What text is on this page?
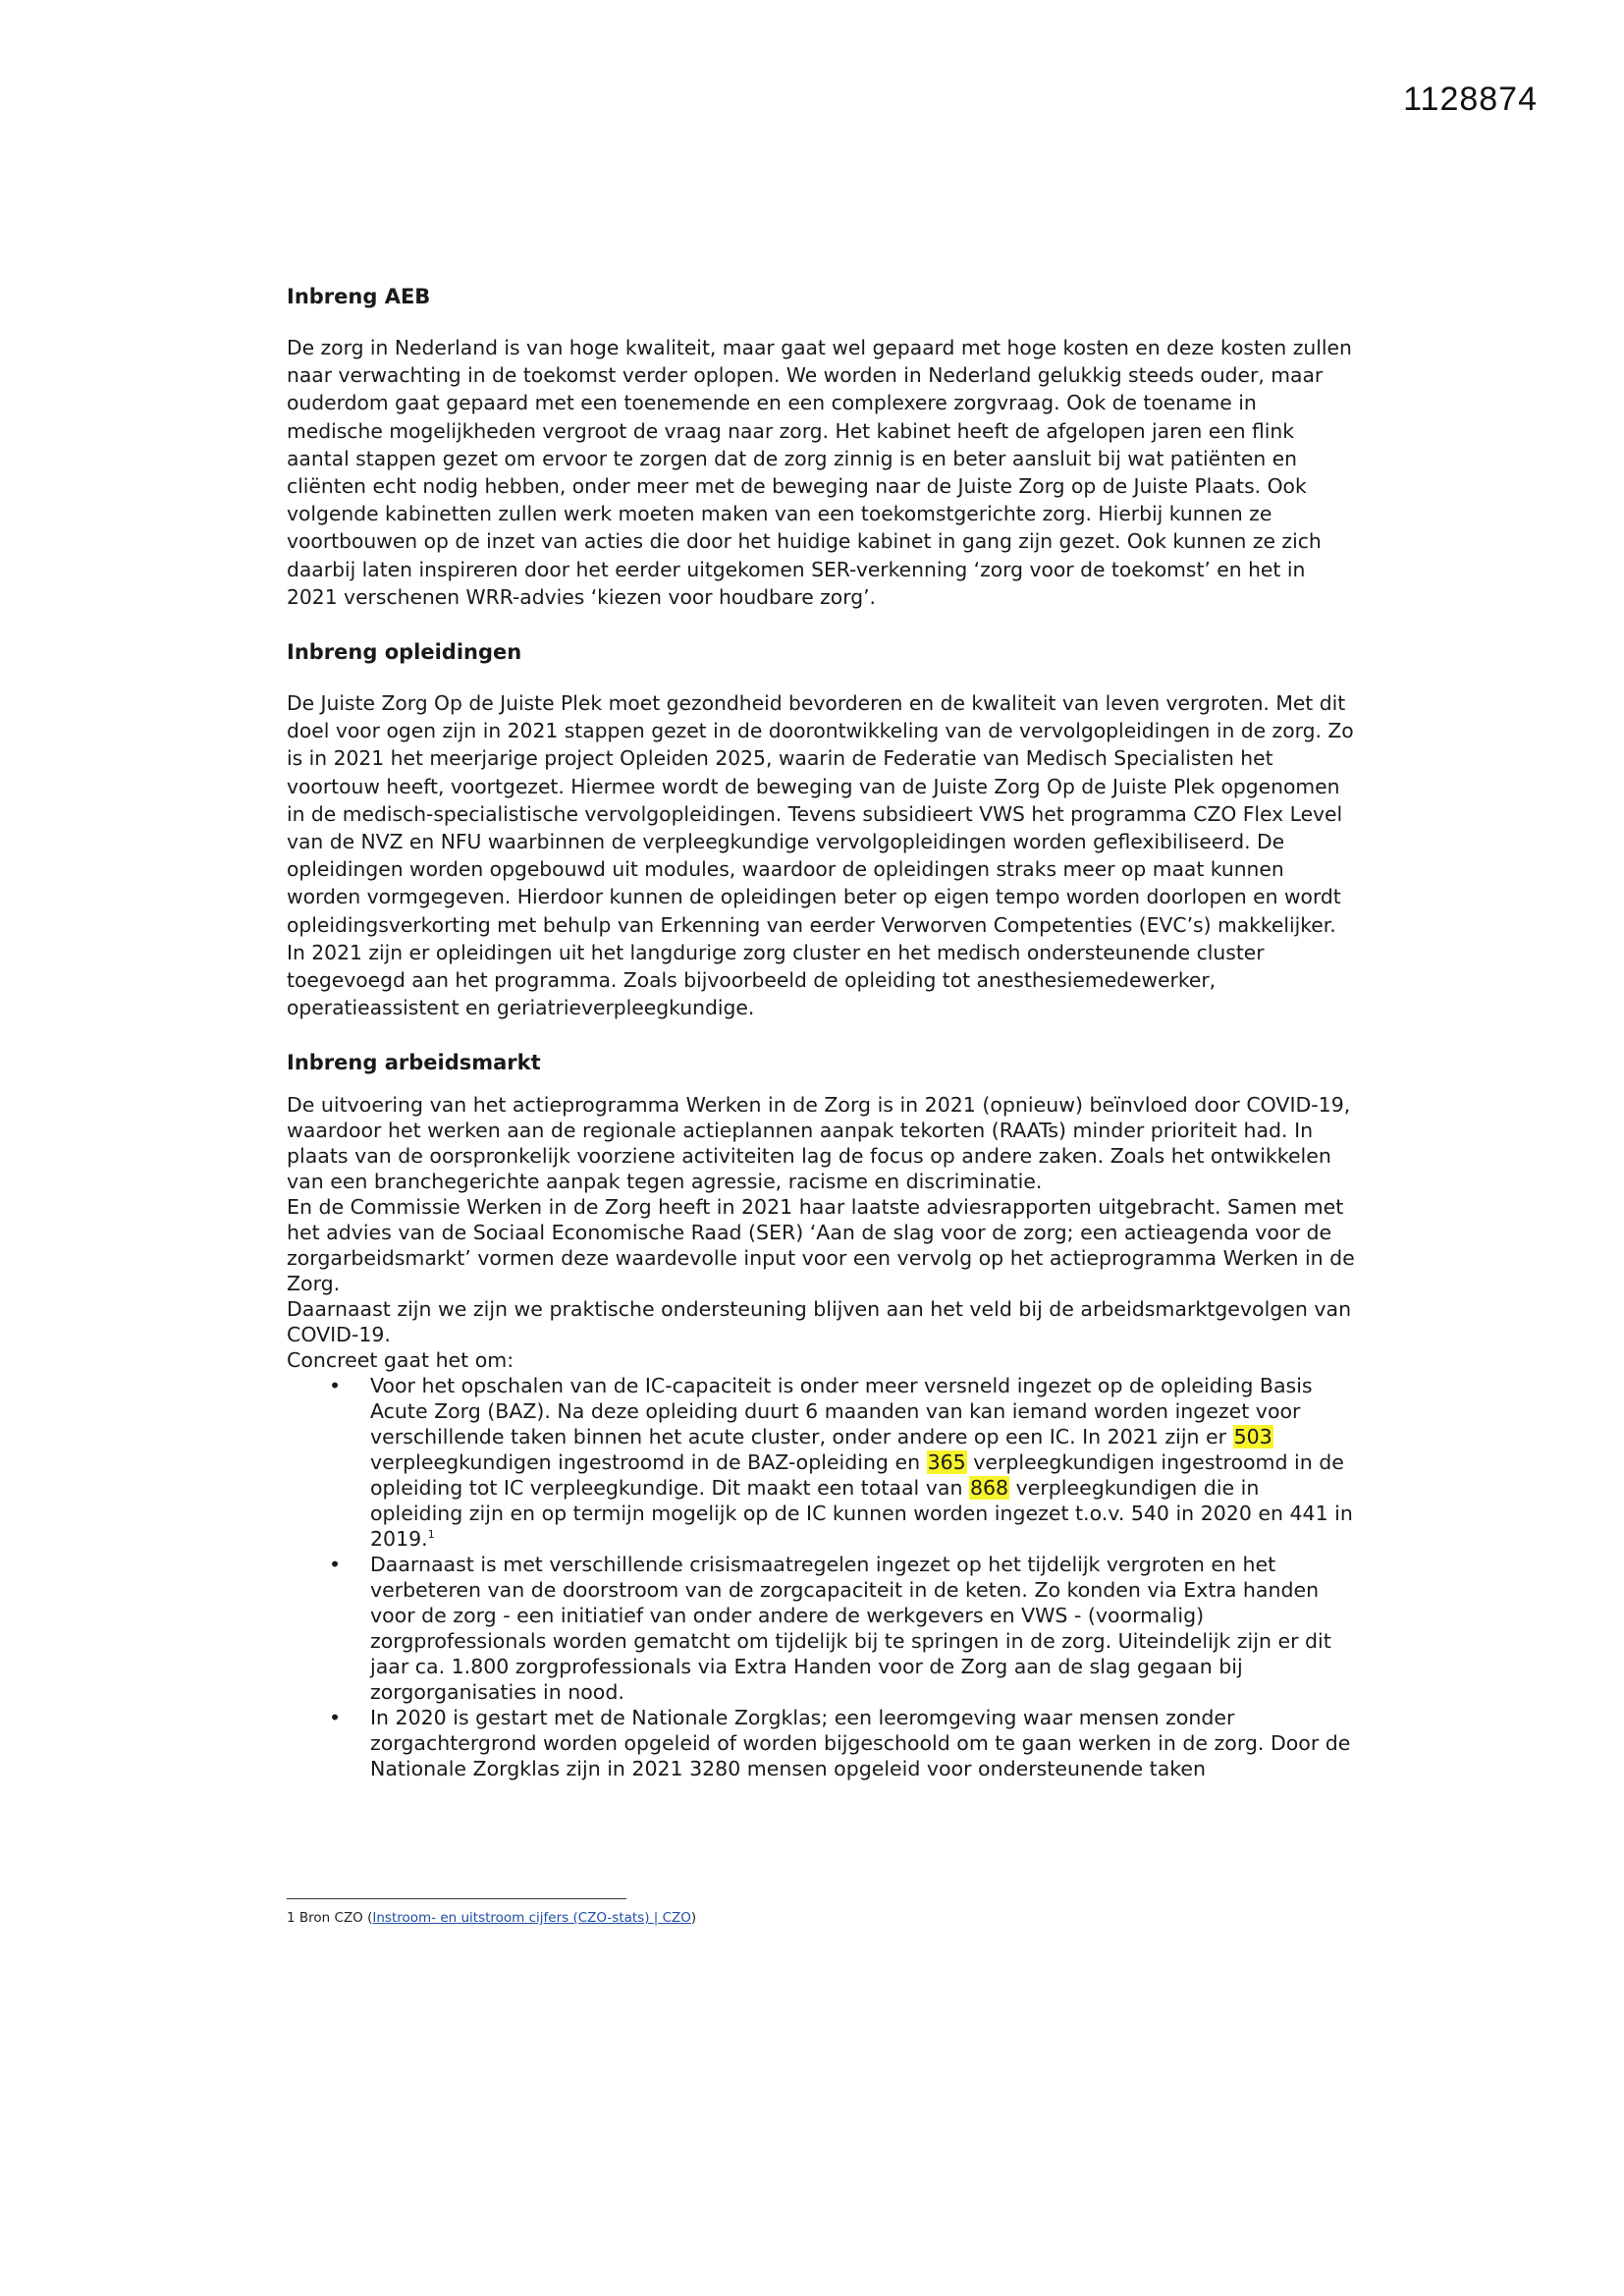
1128874
Inbreng AEB

De zorg in Nederland is van hoge kwaliteit, maar gaat wel gepaard met hoge kosten en deze kosten zullen naar verwachting in de toekomst verder oplopen. We worden in Nederland gelukkig steeds ouder, maar ouderdom gaat gepaard met een toenemende en een complexere zorgvraag. Ook de toename in medische mogelijkheden vergroot de vraag naar zorg. Het kabinet heeft de afgelopen jaren een flink aantal stappen gezet om ervoor te zorgen dat de zorg zinnig is en beter aansluit bij wat patiënten en cliënten echt nodig hebben, onder meer met de beweging naar de Juiste Zorg op de Juiste Plaats. Ook volgende kabinetten zullen werk moeten maken van een toekomstgerichte zorg. Hierbij kunnen ze voortbouwen op de inzet van acties die door het huidige kabinet in gang zijn gezet. Ook kunnen ze zich daarbij laten inspireren door het eerder uitgekomen SER-verkenning ‘zorg voor de toekomst’ en het in 2021 verschenen WRR-advies ‘kiezen voor houdbare zorg’.

Inbreng opleidingen

De Juiste Zorg Op de Juiste Plek moet gezondheid bevorderen en de kwaliteit van leven vergroten. Met dit doel voor ogen zijn in 2021 stappen gezet in de doorontwikkeling van de vervolgopleidingen in de zorg. Zo is in 2021 het meerjarige project Opleiden 2025, waarin de Federatie van Medisch Specialisten het voortouw heeft, voortgezet. Hiermee wordt de beweging van de Juiste Zorg Op de Juiste Plek opgenomen in de medisch-specialistische vervolgopleidingen. Tevens subsidieert VWS het programma CZO Flex Level van de NVZ en NFU waarbinnen de verpleegkundige vervolgopleidingen worden geflexibiliseerd. De opleidingen worden opgebouwd uit modules, waardoor de opleidingen straks meer op maat kunnen worden vormgegeven. Hierdoor kunnen de opleidingen beter op eigen tempo worden doorlopen en wordt opleidingsverkorting met behulp van Erkenning van eerder Verworven Competenties (EVC’s) makkelijker. In 2021 zijn er opleidingen uit het langdurige zorg cluster en het medisch ondersteunende cluster toegevoegd aan het programma. Zoals bijvoorbeeld de opleiding tot anesthesiemedewerker, operatieassistent en geriatrieverpleegkundige.

Inbreng arbeidsmarkt

De uitvoering van het actieprogramma Werken in de Zorg is in 2021 (opnieuw) beïnvloed door COVID-19, waardoor het werken aan de regionale actieplannen aanpak tekorten (RAATs) minder prioriteit had. In plaats van de oorspronkelijk voorziene activiteiten lag de focus op andere zaken. Zoals het ontwikkelen van een branchegerichte aanpak tegen agressie, racisme en discriminatie.

En de Commissie Werken in de Zorg heeft in 2021 haar laatste adviesrapporten uitgebracht. Samen met het advies van de Sociaal Economische Raad (SER) ‘Aan de slag voor de zorg; een actieagenda voor de zorgarbeidsmarkt’ vormen deze waardevolle input voor een vervolg op het actieprogramma Werken in de Zorg.

Daarnaast zijn we zijn we praktische ondersteuning blijven aan het veld bij de arbeidsmarktgevolgen van COVID-19.

Concreet gaat het om:

• Voor het opschalen van de IC-capaciteit is onder meer versneld ingezet op de opleiding Basis Acute Zorg (BAZ). Na deze opleiding duurt 6 maanden van kan iemand worden ingezet voor verschillende taken binnen het acute cluster, onder andere op een IC. In 2021 zijn er 503 verpleegkundigen ingestroomd in de BAZ-opleiding en 365 verpleegkundigen ingestroomd in de opleiding tot IC verpleegkundige. Dit maakt een totaal van 868 verpleegkundigen die in opleiding zijn en op termijn mogelijk op de IC kunnen worden ingezet t.o.v. 540 in 2020 en 441 in 2019.$^1$
• Daarnaast is met verschillende crisismaatregelen ingezet op het tijdelijk vergroten en het verbeteren van de doorstroom van de zorgcapaciteit in de keten. Zo konden via Extra handen voor de zorg - een initiatief van onder andere de werkgevers en VWS - (voormalig) zorgprofessionals worden gematcht om tijdelijk bij te springen in de zorg. Uiteindelijk zijn er dit jaar ca. 1.800 zorgprofessionals via Extra Handen voor de Zorg aan de slag gegaan bij zorgorganisaties in nood.
• In 2020 is gestart met de Nationale Zorgklas; een leeromgeving waar mensen zonder zorgachtergrond worden opgeleid of worden bijgeschoold om te gaan werken in de zorg. Door de Nationale Zorgklas zijn in 2021 3280 mensen opgeleid voor ondersteunende taken
1 Bron CZO (Instroom- en uitstroom cijfers (CZO-stats) | CZO)
